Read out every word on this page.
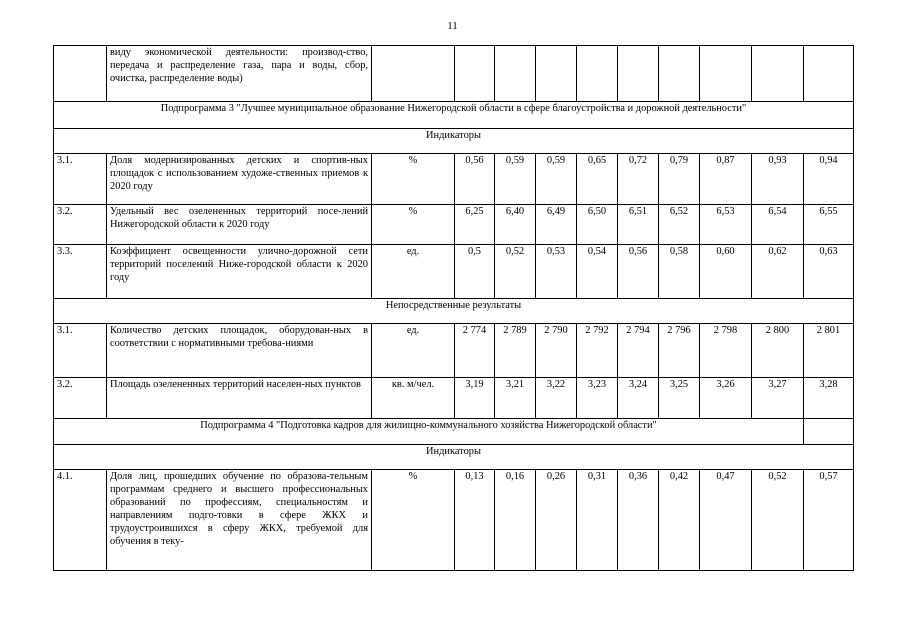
11
	виду экономической деятельности: производ-ство, передача и распределение газа, пара и воды, сбор, очистка, распределение воды)										
Подпрограмма 3 "Лучшее муниципальное образование Нижегородской области в сфере благоустройства и дорожной деятельности"											
Индикаторы											
3.1.	Доля модернизированных детских и спортив-ных площадок с использованием художе-ственных приемов к 2020 году	%	0,56	0,59	0,59	0,65	0,72	0,79	0,87	0,93	0,94
3.2.	Удельный вес озелененных территорий посе-лений Нижегородской области к 2020 году	%	6,25	6,40	6,49	6,50	6,51	6,52	6,53	6,54	6,55
3.3.	Коэффициент освещенности улично-дорожной сети территорий поселений Ниже-городской области к 2020 году	ед.	0,5	0,52	0,53	0,54	0,56	0,58	0,60	0,62	0,63
Непосредственные результаты											
3.1.	Количество детских площадок, оборудован-ных в соответствии с нормативными требова-ниями	ед.	2 774	2 789	2 790	2 792	2 794	2 796	2 798	2 800	2 801
3.2.	Площадь озелененных территорий населен-ных пунктов	кв. м/чел.	3,19	3,21	3,22	3,23	3,24	3,25	3,26	3,27	3,28
Подпрограмма 4 "Подготовка кадров для жилищно-коммунального хозяйства Нижегородской области"											
Индикаторы											
4.1.	Доля лиц, прошедших обучение по образова-тельным программам среднего и высшего профессиональных образований по профессиям, специальностям и направлениям подго-товки в сфере ЖКХ и трудоустроившихся в сферу ЖКХ, требуемой для обучения в теку-	%	0,13	0,16	0,26	0,31	0,36	0,42	0,47	0,52	0,57
